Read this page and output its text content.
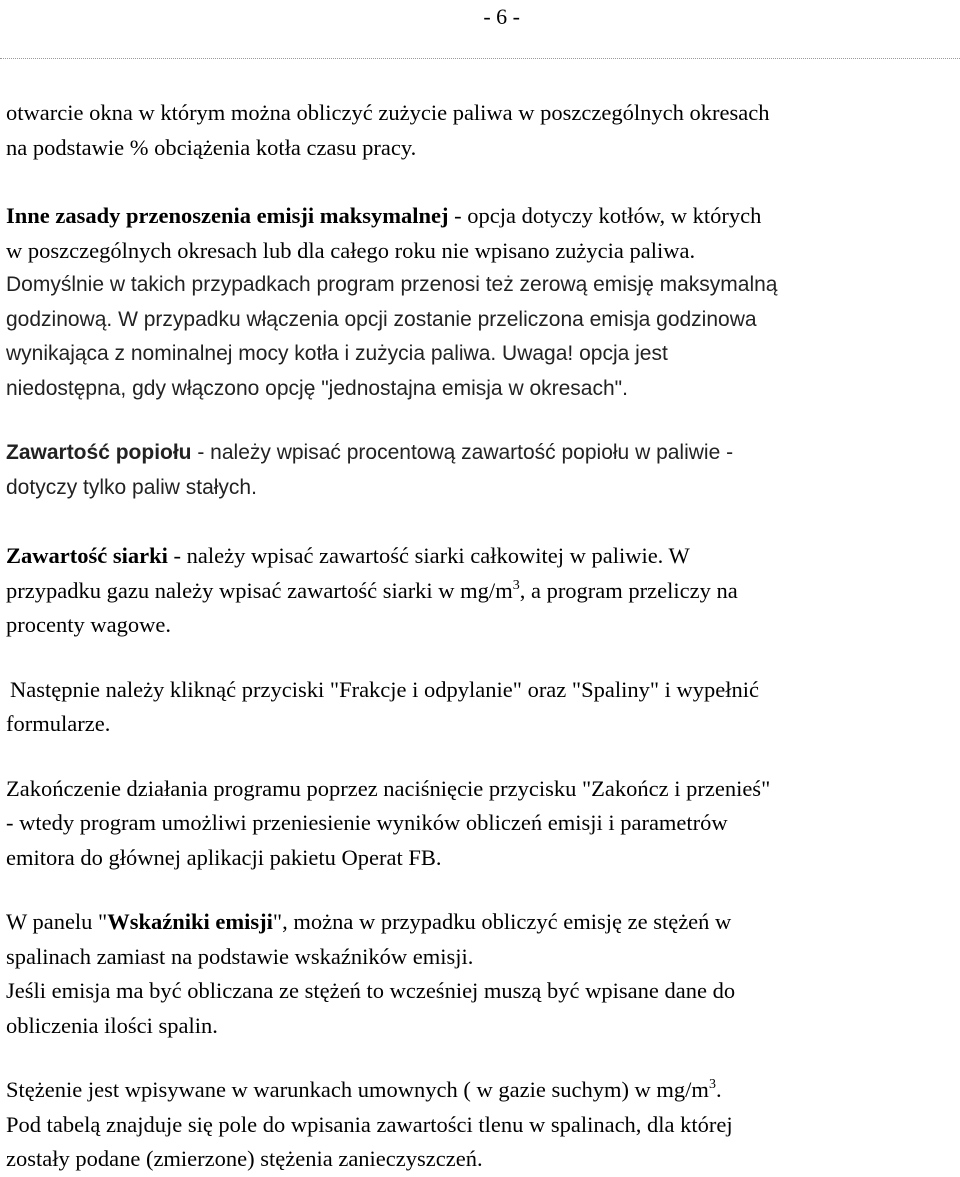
- 6 -

otwarcie okna w którym można obliczyć zużycie paliwa w poszczególnych okresach

na podstawie % obciążenia kotła czasu pracy.

Inne zasady przenoszenia emisji maksymalnej - opcja dotyczy kotłów, w których

w poszczególnych okresach lub dla całego roku nie wpisano zużycia paliwa.

Domyślnie w takich przypadkach program przenosi też zerową emisję maksymalną

godzinową. W przypadku włączenia opcji zostanie przeliczona emisja godzinowa

wynikająca z nominalnej mocy kotła i zużycia paliwa. Uwaga! opcja jest

niedostępna, gdy włączono opcję "jednostajna emisja w okresach".

Zawartość popiołu - należy wpisać procentową zawartość popiołu w paliwie -

dotyczy tylko paliw stałych.

Zawartość siarki - należy wpisać zawartość siarki całkowitej w paliwie. W

przypadku gazu należy wpisać zawartość siarki w $mg/m^3$, a program przeliczy na

procenty wagowe.

Następnie należy kliknąć przyciski "Frakcje i odpylanie" oraz "Spaliny" i wypełnić

formularze.

Zakończenie działania programu poprzez naciśnięcie przycisku "Zakończ i przenieś"

- wtedy program umożliwi przeniesienie wyników obliczeń emisji i parametrów

emitora do głównej aplikacji pakietu Operat FB.

W panelu "Wskaźniki emisji", można w przypadku obliczyć emisję ze stężeń w

spalinach zamiast na podstawie wskaźników emisji.

Jeśli emisja ma być obliczana ze stężeń to wcześniej muszą być wpisane dane do

obliczenia ilości spalin.

Stężenie jest wpisywane w warunkach umownych ( w gazie suchym) w $mg/m^3$.

Pod tabelą znajduje się pole do wpisania zawartości tlenu w spalinach, dla której

zostały podane (zmierzone) stężenia zanieczyszczeń.
